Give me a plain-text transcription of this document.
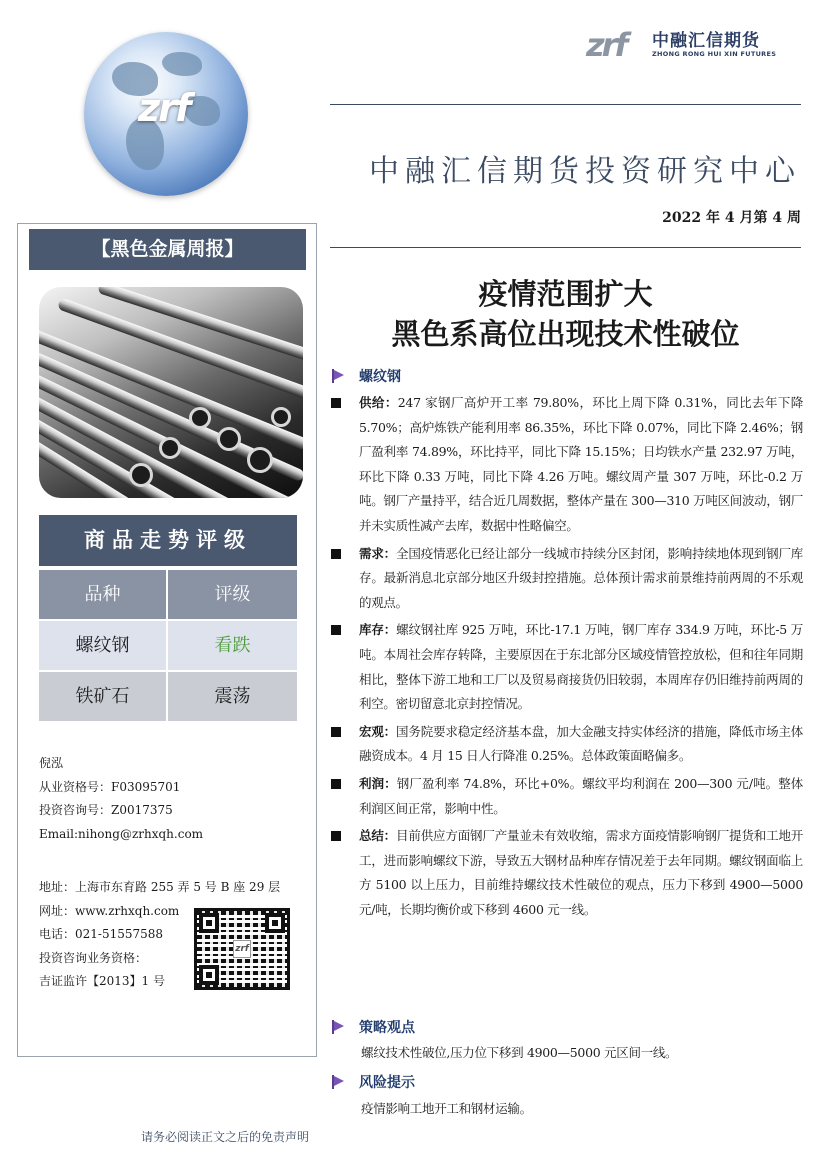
zrf
zrf 中融汇信期货
ZHONG RONG HUI XIN FUTURES
中融汇信期货投资研究中心
2022 年 4 月第 4 周
【黑色金属周报】
商品走势评级
品种	评级
螺纹钢	看跌
铁矿石	震荡
倪泓
从业资格号：F03095701
投资咨询号：Z0017375
Email:nihong@zrhxqh.com
地址：上海市东育路 255 弄 5 号 B 座 29 层
网址：www.zrhxqh.com
电话：021-51557588
投资咨询业务资格：
吉证监许【2013】1 号
zrf
请务必阅读正文之后的免责声明
疫情范围扩大
黑色系高位出现技术性破位
螺纹钢
供给：247 家钢厂高炉开工率 79.80%，环比上周下降 0.31%，同比去年下降 5.70%；高炉炼铁产能利用率 86.35%，环比下降 0.07%，同比下降 2.46%；钢厂盈利率 74.89%，环比持平，同比下降 15.15%；日均铁水产量 232.97 万吨，环比下降 0.33 万吨，同比下降 4.26 万吨。螺纹周产量 307 万吨，环比-0.2 万吨。钢厂产量持平，结合近几周数据，整体产量在 300—310 万吨区间波动，钢厂并未实质性减产去库，数据中性略偏空。
需求：全国疫情恶化已经让部分一线城市持续分区封闭，影响持续地体现到钢厂库存。最新消息北京部分地区升级封控措施。总体预计需求前景维持前两周的不乐观的观点。
库存：螺纹钢社库 925 万吨，环比-17.1 万吨，钢厂库存 334.9 万吨，环比-5 万吨。本周社会库存转降，主要原因在于东北部分区域疫情管控放松，但和往年同期相比，整体下游工地和工厂以及贸易商接货仍旧较弱，本周库存仍旧维持前两周的利空。密切留意北京封控情况。
宏观：国务院要求稳定经济基本盘，加大金融支持实体经济的措施，降低市场主体融资成本。4 月 15 日人行降准 0.25%。总体政策面略偏多。
利润：钢厂盈利率 74.8%，环比+0%。螺纹平均利润在 200—300 元/吨。整体利润区间正常，影响中性。
总结：目前供应方面钢厂产量並未有效收缩，需求方面疫情影响钢厂提货和工地开工，进而影响螺纹下游，导致五大钢材品种库存情况差于去年同期。螺纹钢面临上方 5100 以上压力，目前维持螺纹技术性破位的观点，压力下移到 4900—5000 元/吨，长期均衡价或下移到 4600 元一线。
策略观点
螺纹技术性破位,压力位下移到 4900—5000 元区间一线。
风险提示
疫情影响工地开工和钢材运输。
